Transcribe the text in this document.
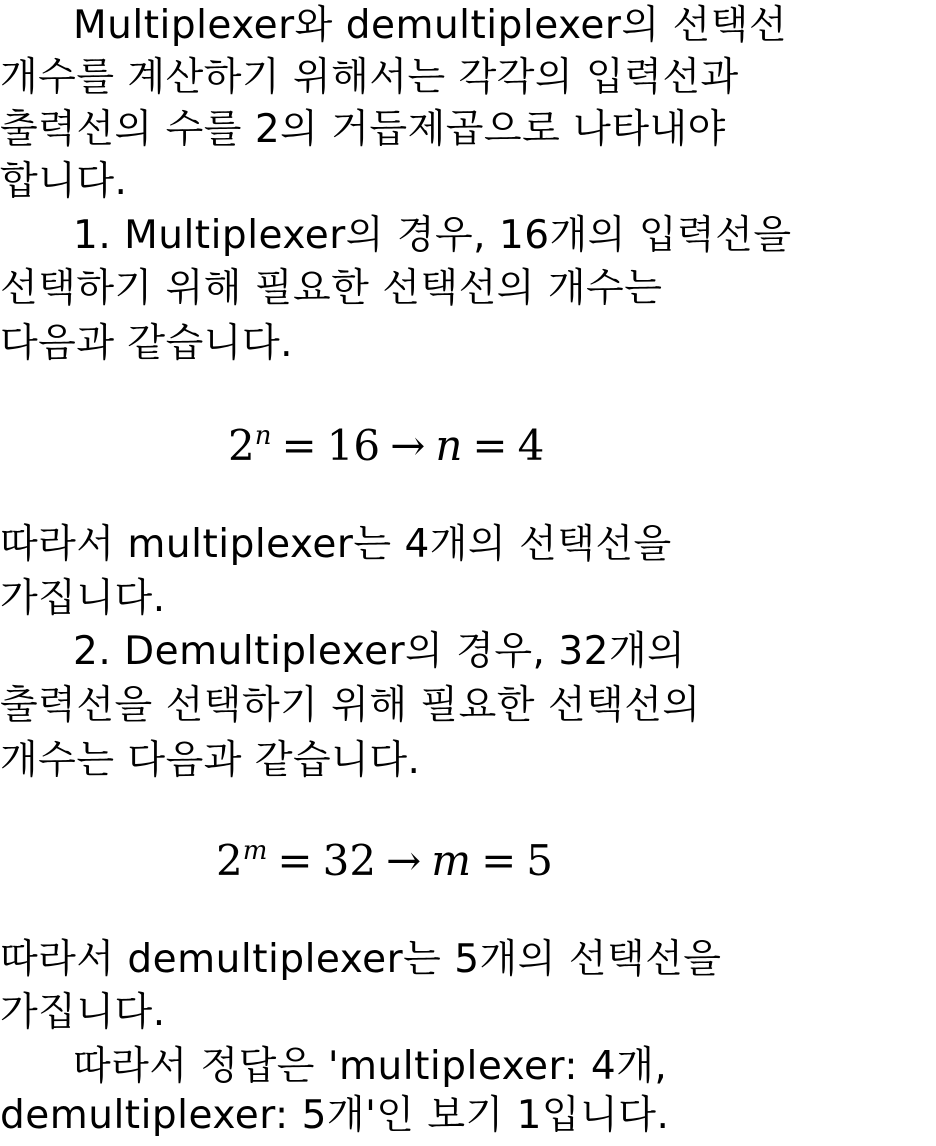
Multiplexer와 demultiplexer의 선택선
개수를 계산하기 위해서는 각각의 입력선과
출력선의 수를 2의 거듭제곱으로 나타내야
합니다.
1. Multiplexer의 경우, 16개의 입력선을
선택하기 위해 필요한 선택선의 개수는
다음과 같습니다.
$2^n = 16 \to n = 4$
따라서 multiplexer는 4개의 선택선을
가집니다.
2. Demultiplexer의 경우, 32개의
출력선을 선택하기 위해 필요한 선택선의
개수는 다음과 같습니다.
$2^m = 32 \to m = 5$
따라서 demultiplexer는 5개의 선택선을
가집니다.
따라서 정답은 'multiplexer: 4개,
demultiplexer: 5개'인 보기 1입니다.
